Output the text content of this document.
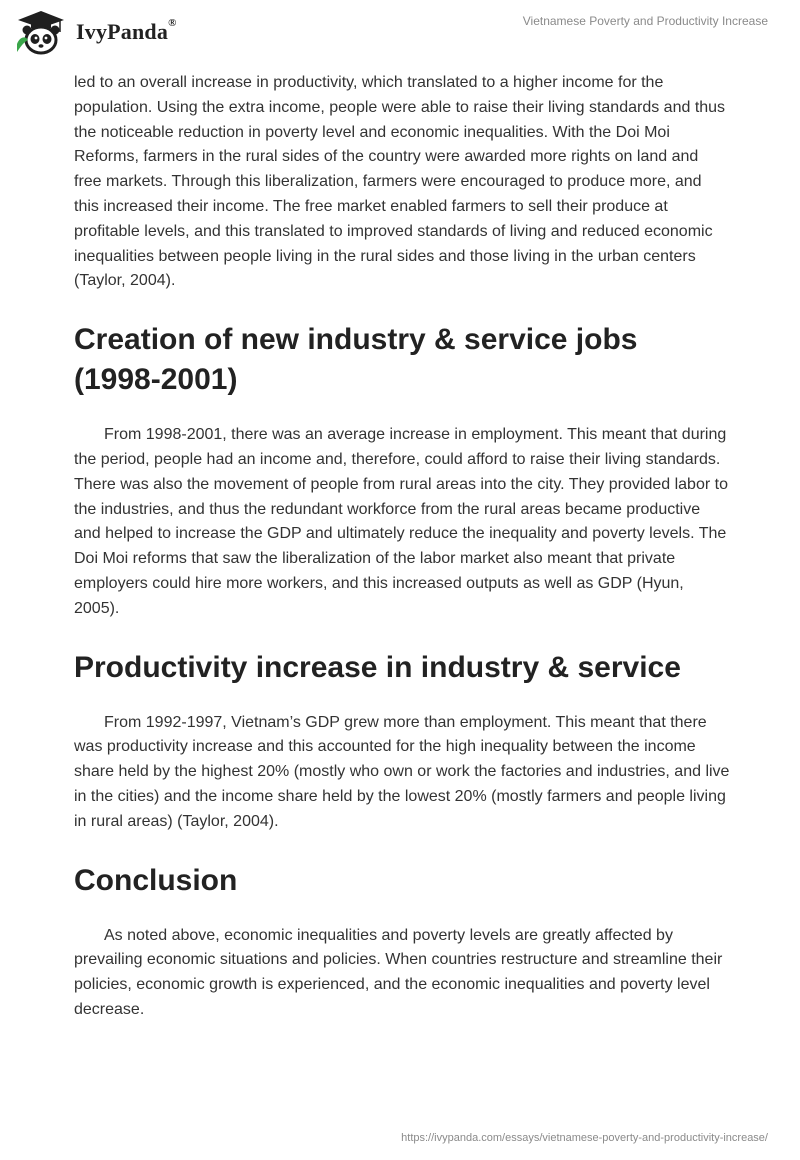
IvyPanda®	Vietnamese Poverty and Productivity Increase

led to an overall increase in productivity, which translated to a higher income for the population. Using the extra income, people were able to raise their living standards and thus the noticeable reduction in poverty level and economic inequalities. With the Doi Moi Reforms, farmers in the rural sides of the country were awarded more rights on land and free markets. Through this liberalization, farmers were encouraged to produce more, and this increased their income. The free market enabled farmers to sell their produce at profitable levels, and this translated to improved standards of living and reduced economic inequalities between people living in the rural sides and those living in the urban centers (Taylor, 2004).

Creation of new industry & service jobs (1998-2001)

From 1998-2001, there was an average increase in employment. This meant that during the period, people had an income and, therefore, could afford to raise their living standards. There was also the movement of people from rural areas into the city. They provided labor to the industries, and thus the redundant workforce from the rural areas became productive and helped to increase the GDP and ultimately reduce the inequality and poverty levels. The Doi Moi reforms that saw the liberalization of the labor market also meant that private employers could hire more workers, and this increased outputs as well as GDP (Hyun, 2005).

Productivity increase in industry & service

From 1992-1997, Vietnam’s GDP grew more than employment. This meant that there was productivity increase and this accounted for the high inequality between the income share held by the highest 20% (mostly who own or work the factories and industries, and live in the cities) and the income share held by the lowest 20% (mostly farmers and people living in rural areas) (Taylor, 2004).

Conclusion

As noted above, economic inequalities and poverty levels are greatly affected by prevailing economic situations and policies. When countries restructure and streamline their policies, economic growth is experienced, and the economic inequalities and poverty level decrease.

https://ivypanda.com/essays/vietnamese-poverty-and-productivity-increase/
